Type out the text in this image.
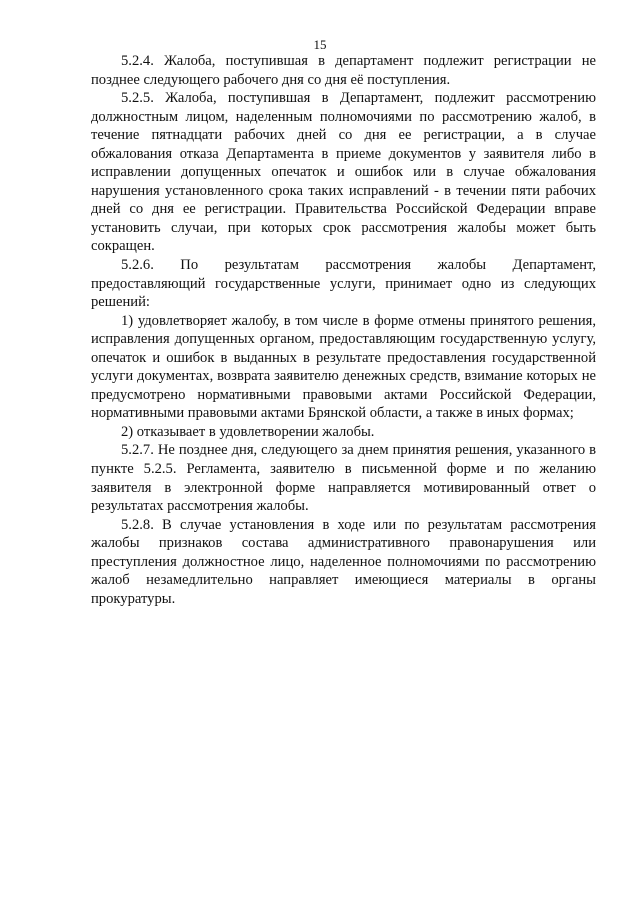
15

5.2.4. Жалоба, поступившая в департамент подлежит регистрации не позднее следующего рабочего дня со дня её поступления.

5.2.5. Жалоба, поступившая в Департамент, подлежит рассмотрению должностным лицом, наделенным полномочиями по рассмотрению жалоб, в течение пятнадцати рабочих дней со дня ее регистрации, а в случае обжалования отказа Департамента в приеме документов у заявителя либо в исправлении допущенных опечаток и ошибок или в случае обжалования нарушения установленного срока таких исправлений - в течении пяти рабочих дней со дня ее регистрации. Правительства Российской Федерации вправе установить случаи, при которых срок рассмотрения жалобы может быть сокращен.

5.2.6. По результатам рассмотрения жалобы Департамент, предоставляющий государственные услуги, принимает одно из следующих решений:

1) удовлетворяет жалобу, в том числе в форме отмены принятого решения, исправления допущенных органом, предоставляющим государственную услугу, опечаток и ошибок в выданных в результате предоставления государственной услуги документах, возврата заявителю денежных средств, взимание которых не предусмотрено нормативными правовыми актами Российской Федерации, нормативными правовыми актами Брянской области, а также в иных формах;

2) отказывает в удовлетворении жалобы.

5.2.7. Не позднее дня, следующего за днем принятия решения, указанного в пункте 5.2.5. Регламента, заявителю в письменной форме и по желанию заявителя в электронной форме направляется мотивированный ответ о результатах рассмотрения жалобы.

5.2.8. В случае установления в ходе или по результатам рассмотрения жалобы признаков состава административного правонарушения или преступления должностное лицо, наделенное полномочиями по рассмотрению жалоб незамедлительно направляет имеющиеся материалы в органы прокуратуры.
